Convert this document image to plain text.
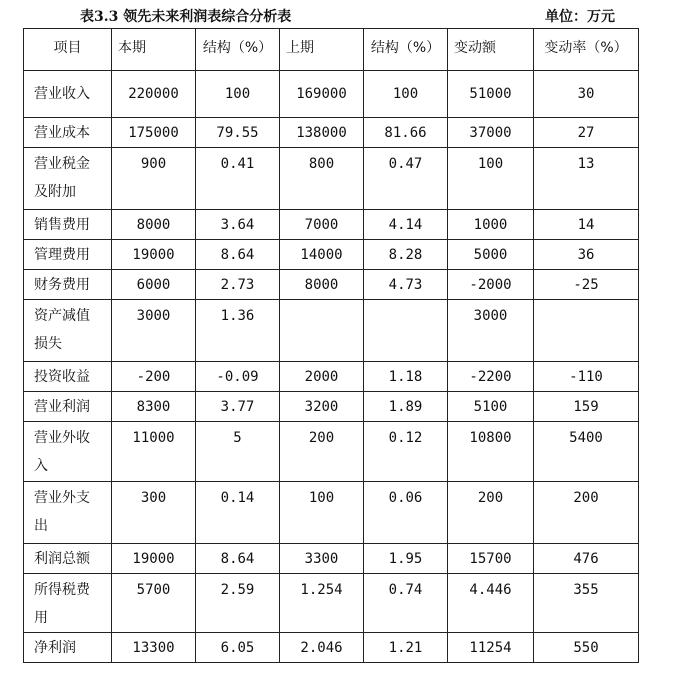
表3.3 领先未来利润表综合分析表	单位：万元
项目	本期	结构（%）	上期	结构（%）	变动额	变动率（%）
营业收入	220000	100	169000	100	51000	30
营业成本	175000	79.55	138000	81.66	37000	27

营业税金
及附加	900	0.41	800	0.47	100	13
销售费用	8000	3.64	7000	4.14	1000	14
管理费用	19000	8.64	14000	8.28	5000	36
财务费用	6000	2.73	8000	4.73	-2000	-25

资产减值
损失	3000	1.36			3000	
投资收益	-200	-0.09	2000	1.18	-2200	-110
营业利润	8300	3.77	3200	1.89	5100	159

营业外收
入	11000	5	200	0.12	10800	5400

营业外支
出	300	0.14	100	0.06	200	200
利润总额	19000	8.64	3300	1.95	15700	476

所得税费
用	5700	2.59	1.254	0.74	4.446	355
净利润	13300	6.05	2.046	1.21	11254	550
